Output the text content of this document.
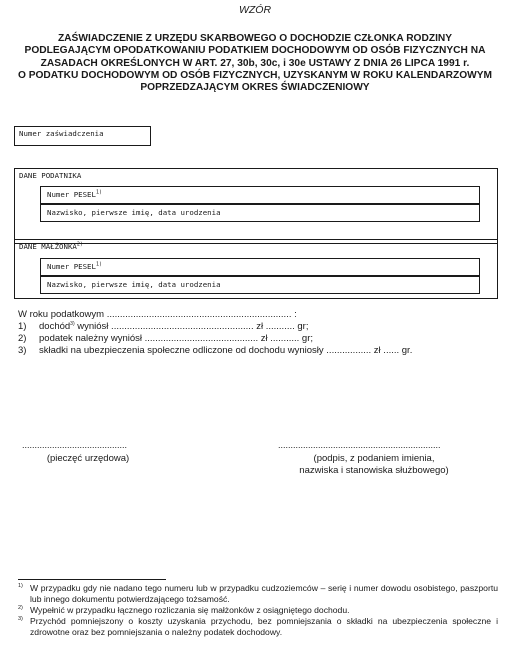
WZÓR
ZAŚWIADCZENIE Z URZĘDU SKARBOWEGO O DOCHODZIE CZŁONKA RODZINY
PODLEGAJĄCYM OPODATKOWANIU PODATKIEM DOCHODOWYM OD OSÓB FIZYCZNYCH NA
ZASADACH OKREŚLONYCH W ART. 27, 30b, 30c, i 30e USTAWY Z DNIA 26 LIPCA 1991 r.
O PODATKU DOCHODOWYM OD OSÓB FIZYCZNYCH, UZYSKANYM W ROKU KALENDARZOWYM
POPRZEDZAJĄCYM OKRES ŚWIADCZENIOWY
Numer zaświadczenia
DANE PODATNIKA
Numer PESEL$^{1)}$
Nazwisko, pierwsze imię, data urodzenia
DANE MAŁŻONKA$^{2)}$
Numer PESEL$^{1)}$
Nazwisko, pierwsze imię, data urodzenia
W roku podatkowym ...................................................................... :
1) dochód$^{3)}$ wyniósł ...................................................... zł ........... gr;
2) podatek należny wyniósł ........................................... zł ........... gr;
3) składki na ubezpieczenia społeczne odliczone od dochodu wyniosły ................. zł ...... gr.
..........................................
(pieczęć urzędowa)
.................................................................
(podpis, z podaniem imienia,
nazwiska i stanowiska służbowego)
1) W przypadku gdy nie nadano tego numeru lub w przypadku cudzoziemców – serię i numer dowodu osobistego, paszportu lub innego dokumentu potwierdzającego tożsamość.
2) Wypełnić w przypadku łącznego rozliczania się małżonków z osiągniętego dochodu.
3) Przychód pomniejszony o koszty uzyskania przychodu, bez pomniejszania o składki na ubezpieczenia społeczne i zdrowotne oraz bez pomniejszania o należny podatek dochodowy.
